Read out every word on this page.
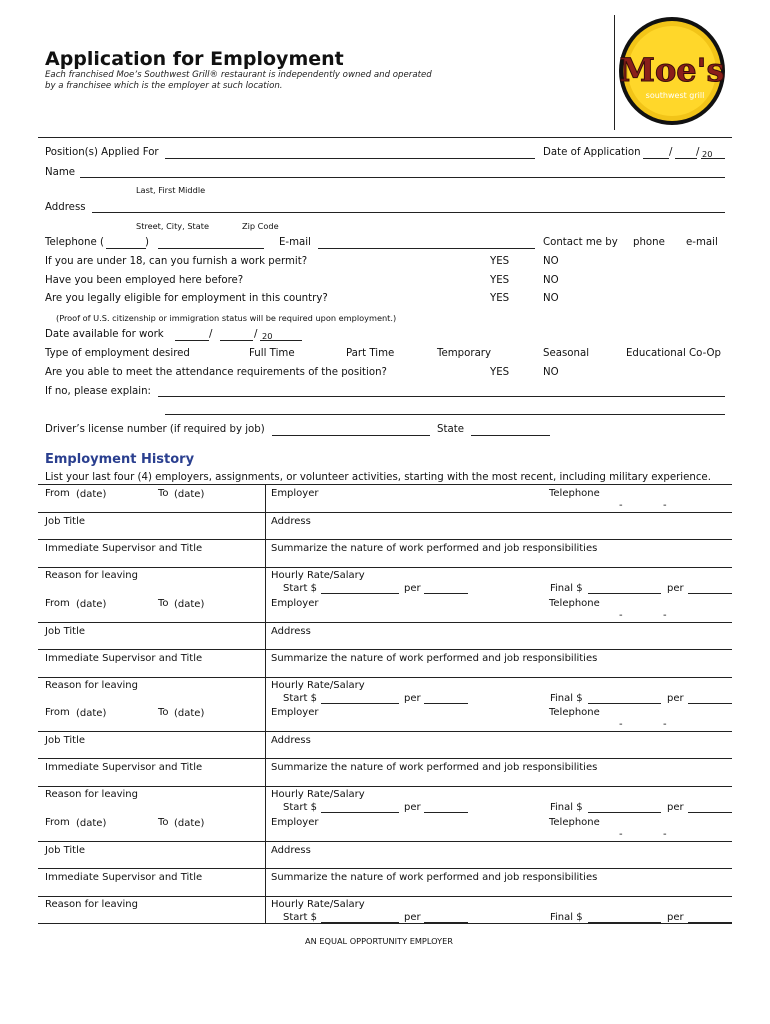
Application for Employment
Each franchised Moe’s Southwest Grill® restaurant is independently owned and operated
by a franchisee which is the employer at such location.	Moe's
southwest grill
Position(s) Applied For	Date of Application	/ / 20
Name
Last, First Middle
Address
Street, City, State	Zip Code
Telephone (	)	E-mail	Contact me by phone e-mail
If you are under 18, can you furnish a work permit?	YES	NO
Have you been employed here before?	YES	NO
Are you legally eligible for employment in this country?	YES	NO
(Proof of U.S. citizenship or immigration status will be required upon employment.)
Date available for work	/	/ 20
Type of employment desired	Full Time	Part Time	Temporary	Seasonal	Educational Co-Op
Are you able to meet the attendance requirements of the position?	YES	NO
If no, please explain:
Driver’s license number (if required by job)	State
Employment History
List your last four (4) employers, assignments, or volunteer activities, starting with the most recent, including military experience.
From (date)	To (date)	Employer	Telephone
-	-
Job Title	Address
Immediate Supervisor and Title	Summarize the nature of work performed and job responsibilities
Reason for leaving	Hourly Rate/Salary
Start $	per	Final $	per
From (date)	To (date)	Employer	Telephone
-	-
Job Title	Address
Immediate Supervisor and Title	Summarize the nature of work performed and job responsibilities
Reason for leaving	Hourly Rate/Salary
Start $	per	Final $	per
From (date)	To (date)	Employer	Telephone
-	-
Job Title	Address
Immediate Supervisor and Title	Summarize the nature of work performed and job responsibilities
Reason for leaving	Hourly Rate/Salary
Start $	per	Final $	per
From (date)	To (date)	Employer	Telephone
-	-
Job Title	Address
Immediate Supervisor and Title	Summarize the nature of work performed and job responsibilities
Reason for leaving	Hourly Rate/Salary
Start $	per	Final $	per
AN EQUAL OPPORTUNITY EMPLOYER
